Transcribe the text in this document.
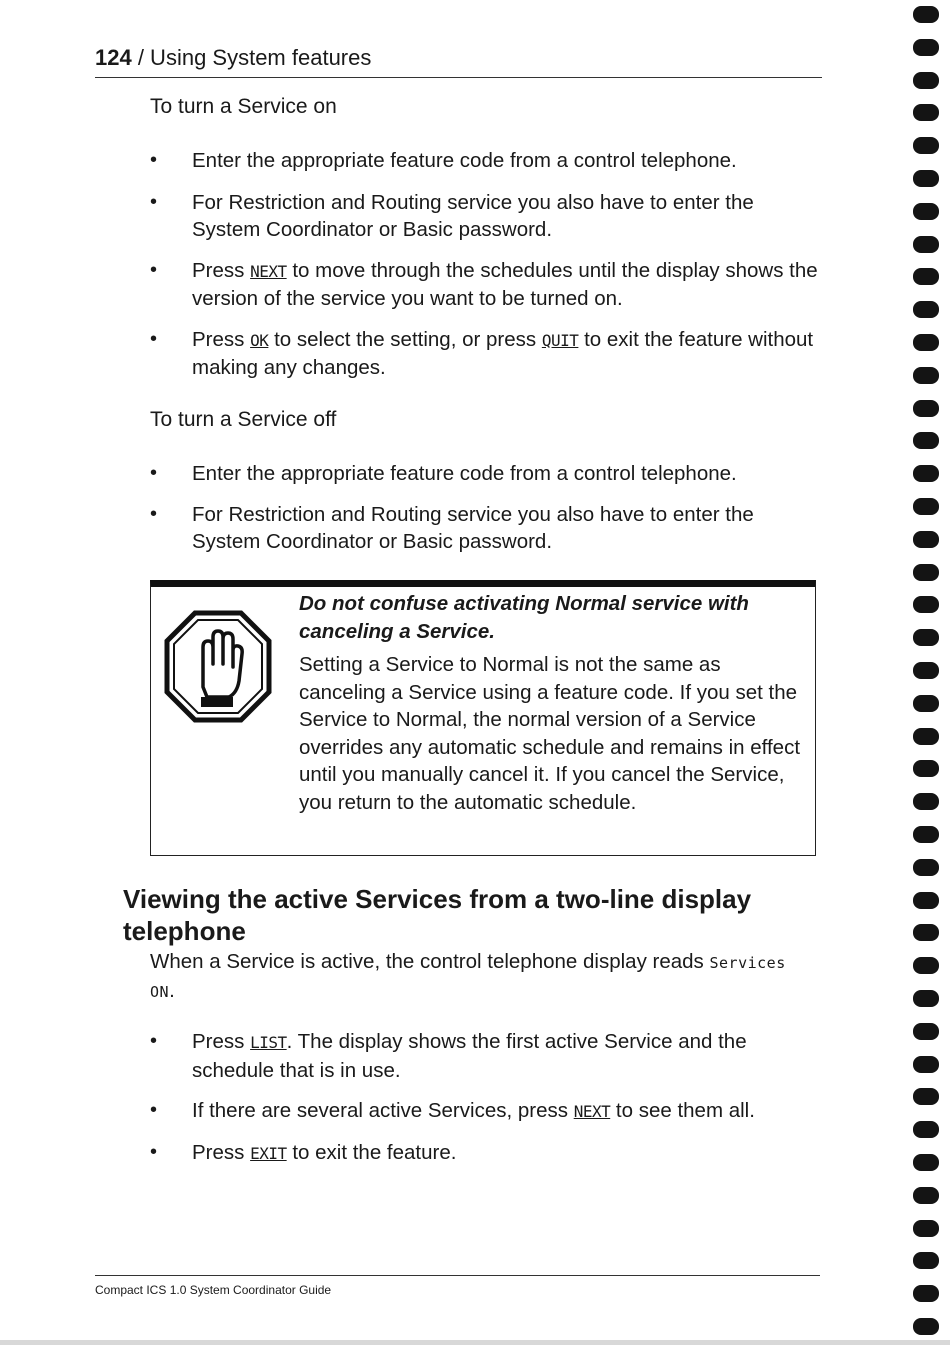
124 / Using System features
To turn a Service on
• Enter the appropriate feature code from a control telephone.
• For Restriction and Routing service you also have to enter the System Coordinator or Basic password.
• Press NEXT to move through the schedules until the display shows the version of the service you want to be turned on.
• Press OK to select the setting, or press QUIT to exit the feature without making any changes.
To turn a Service off
• Enter the appropriate feature code from a control telephone.
• For Restriction and Routing service you also have to enter the System Coordinator or Basic password.
Do not confuse activating Normal service with canceling a Service.
Setting a Service to Normal is not the same as canceling a Service using a feature code. If you set the Service to Normal, the normal version of a Service overrides any automatic schedule and remains in effect until you manually cancel it. If you cancel the Service, you return to the automatic schedule.
Viewing the active Services from a two-line display telephone
When a Service is active, the control telephone display reads Services ON.
• Press LIST. The display shows the first active Service and the schedule that is in use.
• If there are several active Services, press NEXT to see them all.
• Press EXIT to exit the feature.
Compact ICS 1.0 System Coordinator Guide
